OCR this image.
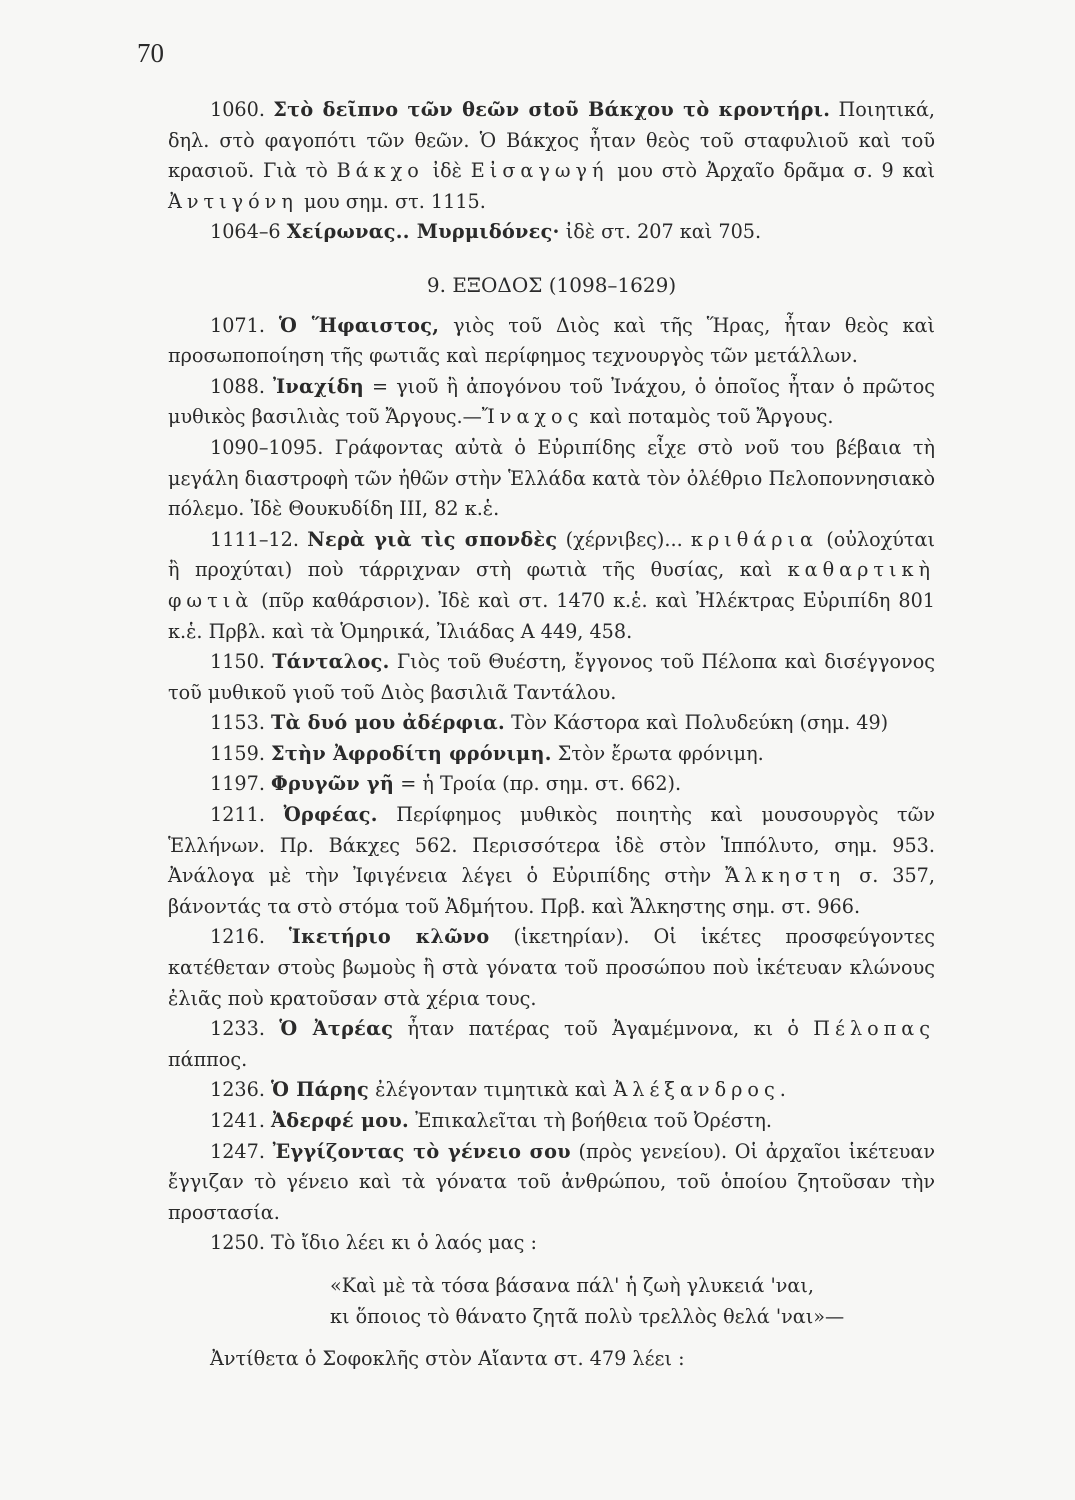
70

1060. Στὸ δεῖπνο τῶν θεῶν σtοῦ Βάκχου τὸ κροντήρι. Ποιητικά, δηλ. στὸ φαγοπότι τῶν θεῶν. Ὁ Βάκχος ἦταν θεὸς τοῦ σταφυλιοῦ καὶ τοῦ κρασιοῦ. Γιὰ τὸ Βάκχο ἰδὲ Εἰσαγωγή μου στὸ Ἀρχαῖο δρᾶμα σ. 9 καὶ Ἀντιγόνη μου σημ. στ. 1115.

1064–6 Χείρωνας.. Μυρμιδόνες· ἰδὲ στ. 207 καὶ 705.

9. ΕΞΟΔΟΣ (1098–1629)

1071. Ὁ Ἥφαιστος, γιὸς τοῦ Διὸς καὶ τῆς Ἥρας, ἦταν θεὸς καὶ προσωποποίηση τῆς φωτιᾶς καὶ περίφημος τεχνουργὸς τῶν μετάλλων.

1088. Ἰναχίδη = γιοῦ ἢ ἀπογόνου τοῦ Ἰνάχου, ὁ ὁποῖος ἦταν ὁ πρῶτος μυθικὸς βασιλιὰς τοῦ Ἄργους.—Ἴναχος καὶ ποταμὸς τοῦ Ἄργους.

1090–1095. Γράφοντας αὐτὰ ὁ Εὐριπίδης εἶχε στὸ νοῦ του βέβαια τὴ μεγάλη διαστροφὴ τῶν ἠθῶν στὴν Ἑλλάδα κατὰ τὸν ὀλέθριο Πελοποννησιακὸ πόλεμο. Ἰδὲ Θουκυδίδη III, 82 κ.ἑ.

1111–12. Νερὰ γιὰ τὶς σπονδὲς (χέρνιβες)... κριθάρια (οὐλοχύται ἢ προχύται) ποὺ τάρριχναν στὴ φωτιὰ τῆς θυσίας, καὶ καθαρτικὴ φωτιὰ (πῦρ καθάρσιον). Ἰδὲ καὶ στ. 1470 κ.ἑ. καὶ Ἠλέκτρας Εὐριπίδη 801 κ.ἑ. Πρβλ. καὶ τὰ Ὁμηρικά, Ἰλιάδας Α 449, 458.

1150. Τάνταλος. Γιὸς τοῦ Θυέστη, ἔγγονος τοῦ Πέλοπα καὶ δισέγγονος τοῦ μυθικοῦ γιοῦ τοῦ Διὸς βασιλιᾶ Ταντάλου.

1153. Τὰ δυό μου ἀδέρφια. Τὸν Κάστορα καὶ Πολυδεύκη (σημ. 49)

1159. Στὴν Ἀφροδίτη φρόνιμη. Στὸν ἔρωτα φρόνιμη.

1197. Φρυγῶν γῆ = ἡ Τροία (πρ. σημ. στ. 662).

1211. Ὀρφέας. Περίφημος μυθικὸς ποιητὴς καὶ μουσουργὸς τῶν Ἑλλήνων. Πρ. Βάκχες 562. Περισσότερα ἰδὲ στὸν Ἱππόλυτο, σημ. 953. Ἀνάλογα μὲ τὴν Ἰφιγένεια λέγει ὁ Εὐριπίδης στὴν Ἄλκηστη σ. 357, βάνοντάς τα στὸ στόμα τοῦ Ἀδμήτου. Πρβ. καὶ Ἄλκηστης σημ. στ. 966.

1216. Ἱκετήριο κλῶνο (ἱκετηρίαν). Οἱ ἱκέτες προσφεύγοντες κατέθεταν στοὺς βωμοὺς ἢ στὰ γόνατα τοῦ προσώπου ποὺ ἱκέτευαν κλώνους ἐλιᾶς ποὺ κρατοῦσαν στὰ χέρια τους.

1233. Ὁ Ἀτρέας ἦταν πατέρας τοῦ Ἀγαμέμνονα, κι ὁ Πέλοπας πάππος.

1236. Ὁ Πάρης ἐλέγονταν τιμητικὰ καὶ Ἀλέξανδρος.

1241. Ἀδερφέ μου. Ἐπικαλεῖται τὴ βοήθεια τοῦ Ὀρέστη.

1247. Ἐγγίζοντας τὸ γένειο σου (πρὸς γενείου). Οἱ ἀρχαῖοι ἱκέτευαν ἔγγιζαν τὸ γένειο καὶ τὰ γόνατα τοῦ ἀνθρώπου, τοῦ ὁποίου ζητοῦσαν τὴν προστασία.

1250. Τὸ ἴδιο λέει κι ὁ λαός μας :

«Καὶ μὲ τὰ τόσα βάσανα πάλ' ἡ ζωὴ γλυκειά 'ναι,
κι ὅποιος τὸ θάνατο ζητᾶ πολὺ τρελλὸς θελά 'ναι»—

Ἀντίθετα ὁ Σοφοκλῆς στὸν Αἴαντα στ. 479 λέει :
